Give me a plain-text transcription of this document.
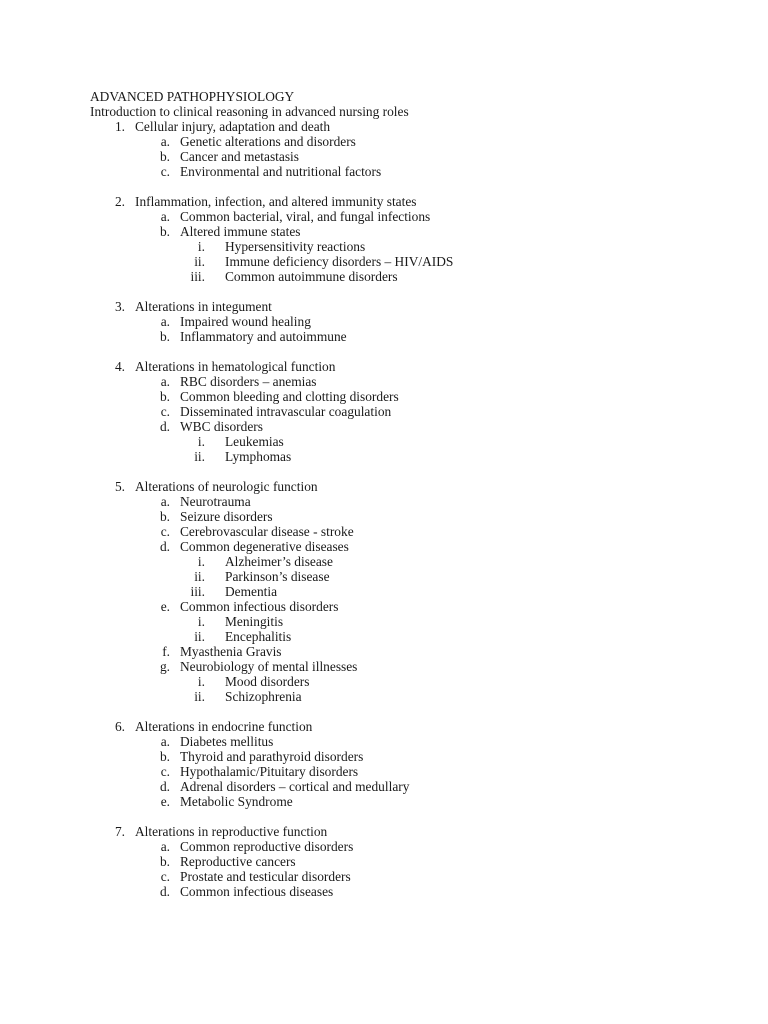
ADVANCED PATHOPHYSIOLOGY
Introduction to clinical reasoning in advanced nursing roles
1. Cellular injury, adaptation and death
a. Genetic alterations and disorders
b. Cancer and metastasis
c. Environmental and nutritional factors
2. Inflammation, infection, and altered immunity states
a. Common bacterial, viral, and fungal infections
b. Altered immune states
i. Hypersensitivity reactions
ii. Immune deficiency disorders – HIV/AIDS
iii. Common autoimmune disorders
3. Alterations in integument
a. Impaired wound healing
b. Inflammatory and autoimmune
4. Alterations in hematological function
a. RBC disorders – anemias
b. Common bleeding and clotting disorders
c. Disseminated intravascular coagulation
d. WBC disorders
i. Leukemias
ii. Lymphomas
5. Alterations of neurologic function
a. Neurotrauma
b. Seizure disorders
c. Cerebrovascular disease - stroke
d. Common degenerative diseases
i. Alzheimer’s disease
ii. Parkinson’s disease
iii. Dementia
e. Common infectious disorders
i. Meningitis
ii. Encephalitis
f. Myasthenia Gravis
g. Neurobiology of mental illnesses
i. Mood disorders
ii. Schizophrenia
6. Alterations in endocrine function
a. Diabetes mellitus
b. Thyroid and parathyroid disorders
c. Hypothalamic/Pituitary disorders
d. Adrenal disorders – cortical and medullary
e. Metabolic Syndrome
7. Alterations in reproductive function
a. Common reproductive disorders
b. Reproductive cancers
c. Prostate and testicular disorders
d. Common infectious diseases
